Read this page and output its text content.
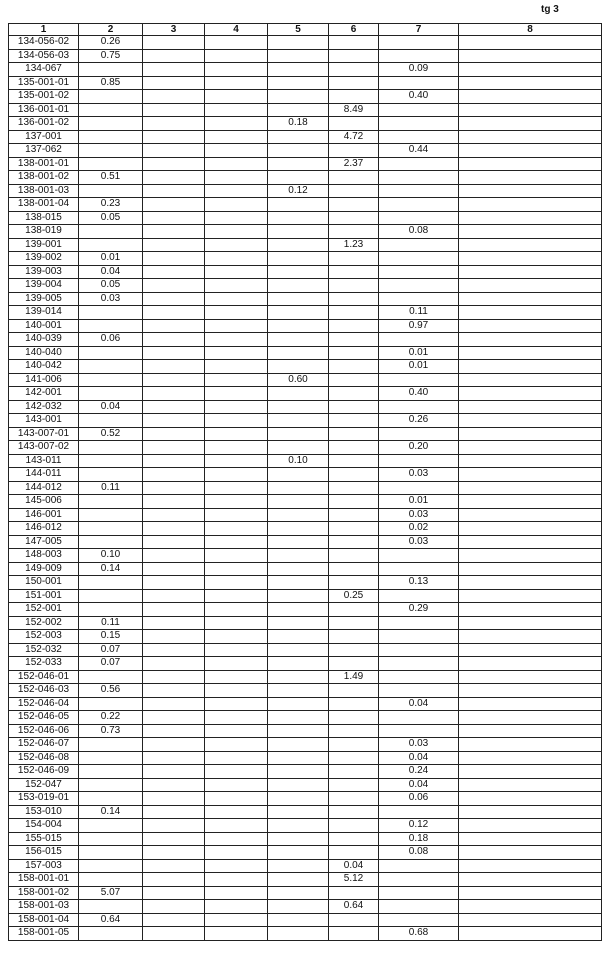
tg 3
1	2	3	4	5	6	7	8
134-056-02	0.26						
134-056-03	0.75						
134-067						0.09	
135-001-01	0.85						
135-001-02						0.40	
136-001-01					8.49		
136-001-02				0.18			
137-001					4.72		
137-062						0.44	
138-001-01					2.37		
138-001-02	0.51						
138-001-03				0.12			
138-001-04	0.23						
138-015	0.05						
138-019						0.08	
139-001					1.23		
139-002	0.01						
139-003	0.04						
139-004	0.05						
139-005	0.03						
139-014						0.11	
140-001						0.97	
140-039	0.06						
140-040						0.01	
140-042						0.01	
141-006				0.60			
142-001						0.40	
142-032	0.04						
143-001						0.26	
143-007-01	0.52						
143-007-02						0.20	
143-011				0.10			
144-011						0.03	
144-012	0.11						
145-006						0.01	
146-001						0.03	
146-012						0.02	
147-005						0.03	
148-003	0.10						
149-009	0.14						
150-001						0.13	
151-001					0.25		
152-001						0.29	
152-002	0.11						
152-003	0.15						
152-032	0.07						
152-033	0.07						
152-046-01					1.49		
152-046-03	0.56						
152-046-04						0.04	
152-046-05	0.22						
152-046-06	0.73						
152-046-07						0.03	
152-046-08						0.04	
152-046-09						0.24	
152-047						0.04	
153-019-01						0.06	
153-010	0.14						
154-004						0.12	
155-015						0.18	
156-015						0.08	
157-003					0.04		
158-001-01					5.12		
158-001-02	5.07						
158-001-03					0.64		
158-001-04	0.64						
158-001-05						0.68	
